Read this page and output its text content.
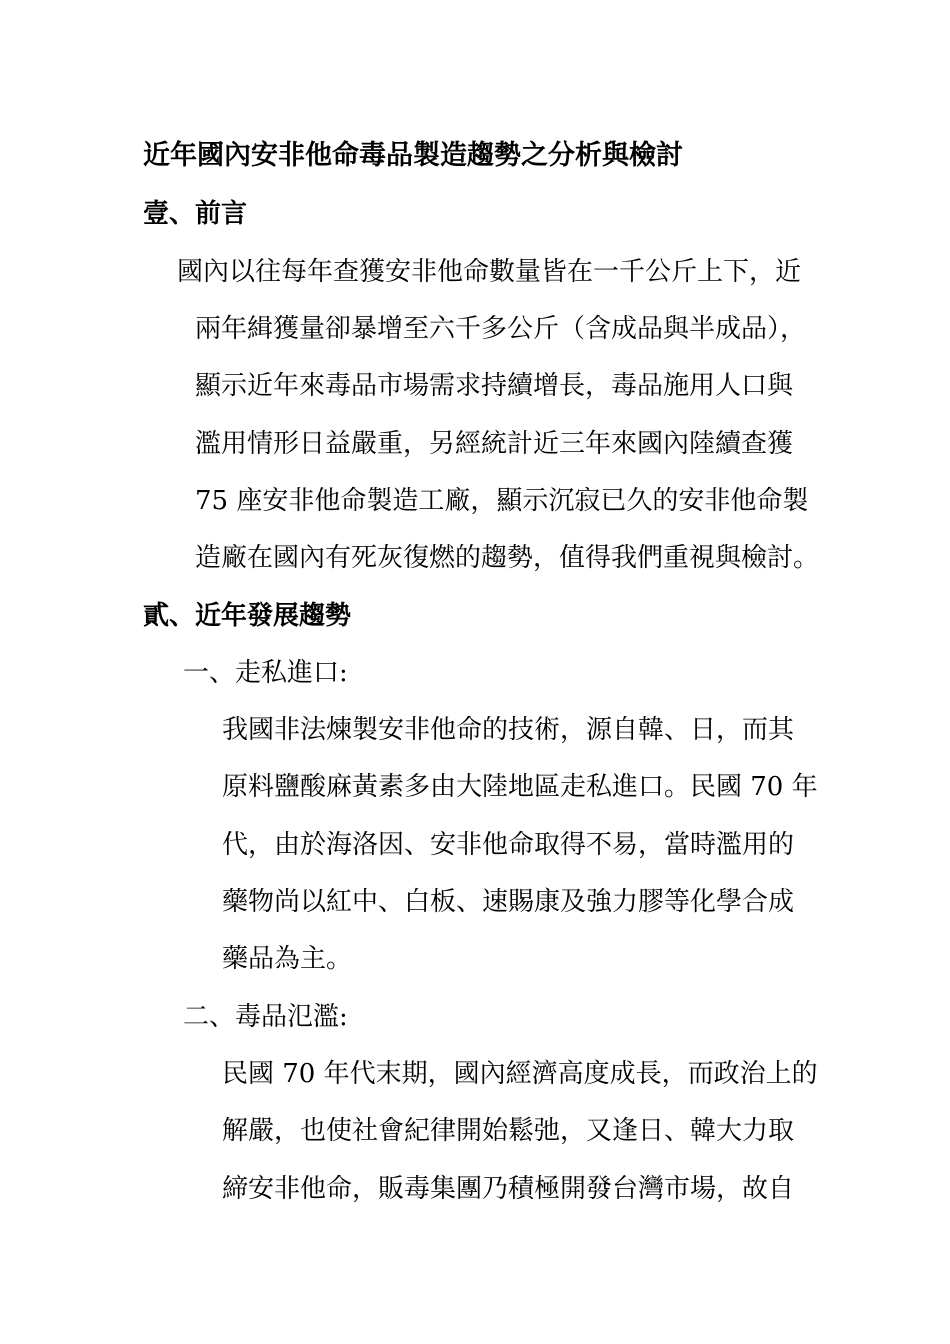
近年國內安非他命毒品製造趨勢之分析與檢討
壹、前言
國內以往每年查獲安非他命數量皆在一千公斤上下，近
兩年緝獲量卻暴增至六千多公斤（含成品與半成品），
顯示近年來毒品市場需求持續增長，毒品施用人口與
濫用情形日益嚴重，另經統計近三年來國內陸續查獲
75 座安非他命製造工廠，顯示沉寂已久的安非他命製
造廠在國內有死灰復燃的趨勢，值得我們重視與檢討。
貳、近年發展趨勢
一、走私進口:
我國非法煉製安非他命的技術，源自韓、日，而其
原料鹽酸麻黃素多由大陸地區走私進口。民國 70 年
代，由於海洛因、安非他命取得不易，當時濫用的
藥物尚以紅中、白板、速賜康及強力膠等化學合成
藥品為主。
二、毒品氾濫:
民國 70 年代末期，國內經濟高度成長，而政治上的
解嚴，也使社會紀律開始鬆弛，又逢日、韓大力取
締安非他命，販毒集團乃積極開發台灣市場，故自
